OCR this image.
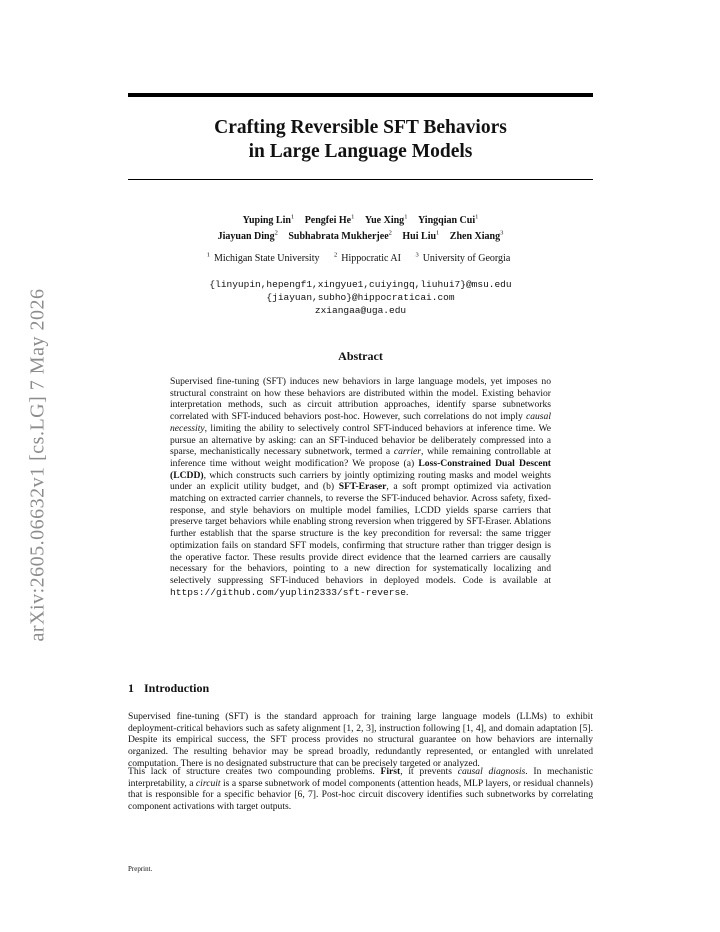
arXiv:2605.06632v1 [cs.LG] 7 May 2026
Crafting Reversible SFT Behaviors
in Large Language Models
Yuping Lin$^1$ Pengfei He$^1$ Yue Xing$^1$ Yingqian Cui$^1$
Jiayuan Ding$^2$ Subhabrata Mukherjee$^2$ Hui Liu$^1$ Zhen Xiang$^3$
$^1$ Michigan State University $^2$ Hippocratic AI $^3$ University of Georgia
{linyupin,hepengf1,xingyue1,cuiyingq,liuhui7}@msu.edu
{jiayuan,subho}@hippocraticai.com
zxiangaa@uga.edu
Abstract
Supervised fine-tuning (SFT) induces new behaviors in large language models, yet imposes no structural constraint on how these behaviors are distributed within the model. Existing behavior interpretation methods, such as circuit attribution approaches, identify sparse subnetworks correlated with SFT-induced behaviors post-hoc. However, such correlations do not imply causal necessity, limiting the ability to selectively control SFT-induced behaviors at inference time. We pursue an alternative by asking: can an SFT-induced behavior be deliberately compressed into a sparse, mechanistically necessary subnetwork, termed a carrier, while remaining controllable at inference time without weight modification? We propose (a) Loss-Constrained Dual Descent (LCDD), which constructs such carriers by jointly optimizing routing masks and model weights under an explicit utility budget, and (b) SFT-Eraser, a soft prompt optimized via activation matching on extracted carrier channels, to reverse the SFT-induced behavior. Across safety, fixed-response, and style behaviors on multiple model families, LCDD yields sparse carriers that preserve target behaviors while enabling strong reversion when triggered by SFT-Eraser. Ablations further establish that the sparse structure is the key precondition for reversal: the same trigger optimization fails on standard SFT models, confirming that structure rather than trigger design is the operative factor. These results provide direct evidence that the learned carriers are causally necessary for the behaviors, pointing to a new direction for systematically localizing and selectively suppressing SFT-induced behaviors in deployed models. Code is available at https://github.com/yuplin2333/sft-reverse.
1 Introduction
Supervised fine-tuning (SFT) is the standard approach for training large language models (LLMs) to exhibit deployment-critical behaviors such as safety alignment [1, 2, 3], instruction following [1, 4], and domain adaptation [5]. Despite its empirical success, the SFT process provides no structural guarantee on how behaviors are internally organized. The resulting behavior may be spread broadly, redundantly represented, or entangled with unrelated computation. There is no designated substructure that can be precisely targeted or analyzed.
This lack of structure creates two compounding problems. First, it prevents causal diagnosis. In mechanistic interpretability, a circuit is a sparse subnetwork of model components (attention heads, MLP layers, or residual channels) that is responsible for a specific behavior [6, 7]. Post-hoc circuit discovery identifies such subnetworks by correlating component activations with target outputs.
Preprint.
